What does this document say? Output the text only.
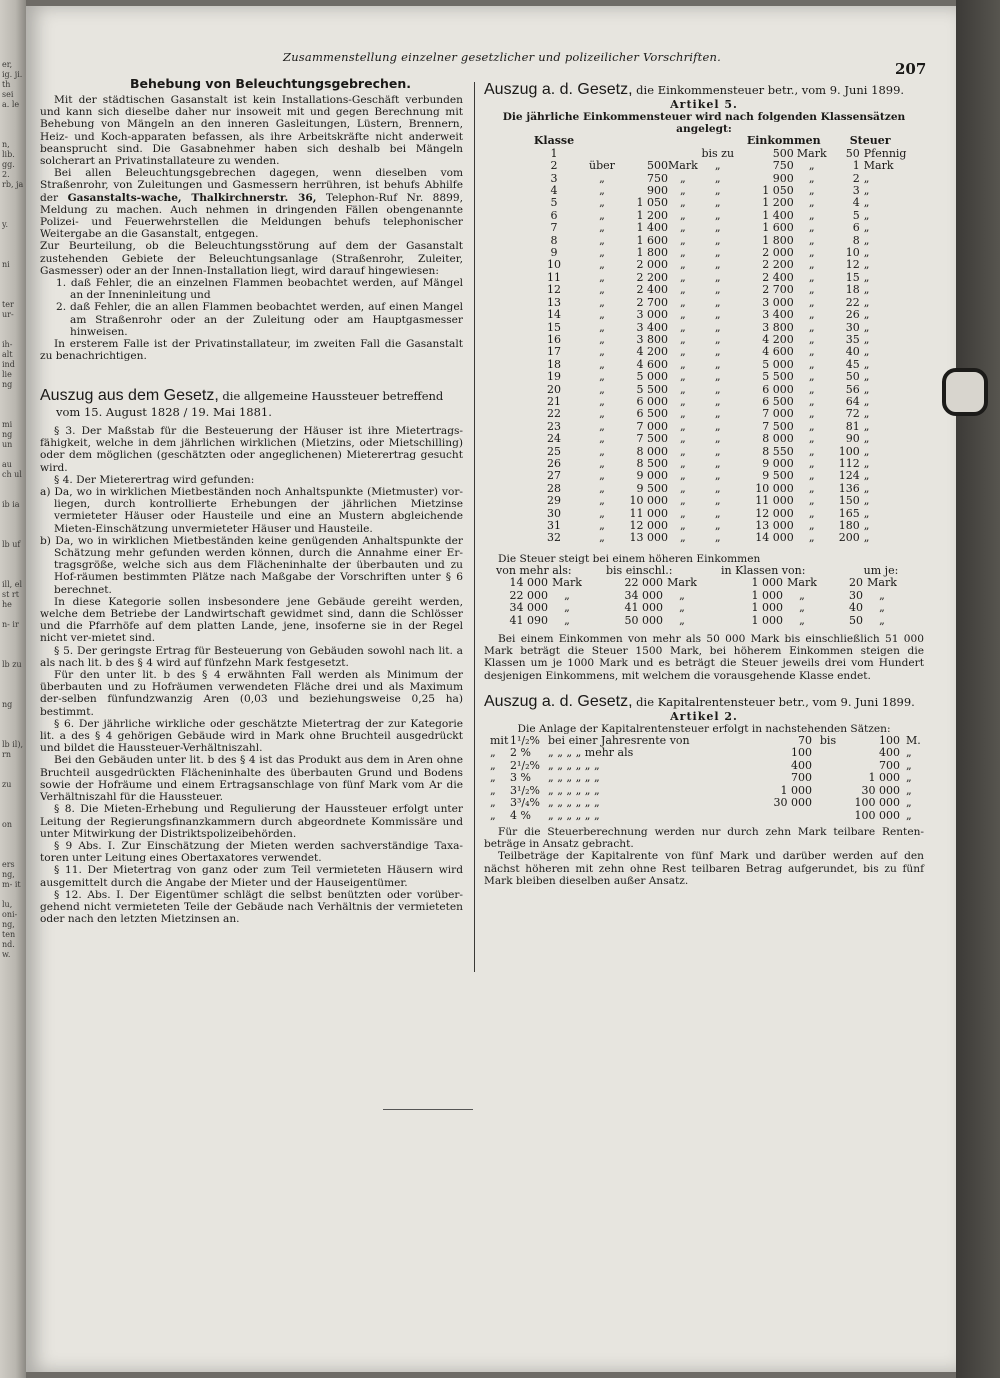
er, ig. ji. th sei
a. le
n, lib. gg. 2.
rb, ja
y.
ni
ter ur-
ih- alt ind lie
ng
mi ng un
au ch ul
ib ia
lb uf
ill, el st rt he
n- ir
lb zu
ng
lb il), rn
zu
on
ers ng, m- it
lu, oni- ng, ten
nd. w.
Zusammenstellung einzelner gesetzlicher und polizeilicher Vorschriften.
207
Behebung von Beleuchtungsgebrechen.

Mit der städtischen Gasanstalt ist kein Installations-Geschäft verbunden und kann sich dieselbe daher nur insoweit mit und gegen Berechnung mit Behebung von Mängeln an den inneren Gasleitungen, Lüstern, Brennern, Heiz- und Koch-apparaten befassen, als ihre Arbeitskräfte nicht anderweit beansprucht sind. Die Gasabnehmer haben sich deshalb bei Mängeln solcherart an Privatinstallateure zu wenden.

Bei allen Beleuchtungsgebrechen dagegen, wenn dieselben vom Straßenrohr, von Zuleitungen und Gasmessern herrühren, ist behufs Abhilfe der Gasanstalts-wache, Thalkirchnerstr. 36, Telephon-Ruf Nr. 8899, Meldung zu machen. Auch nehmen in dringenden Fällen obengenannte Polizei- und Feuerwehrstellen die Meldungen behufs telephonischer Weitergabe an die Gasanstalt, entgegen.

Zur Beurteilung, ob die Beleuchtungsstörung auf dem der Gasanstalt zustehenden Gebiete der Beleuchtungsanlage (Straßenrohr, Zuleiter, Gasmesser) oder an der Innen-Installation liegt, wird darauf hingewiesen:

1. daß Fehler, die an einzelnen Flammen beobachtet werden, auf Mängel an der Inneninleitung und

2. daß Fehler, die an allen Flammen beobachtet werden, auf einen Mangel am Straßenrohr oder an der Zuleitung oder am Hauptgasmesser hinweisen.

In ersterem Falle ist der Privatinstallateur, im zweiten Fall die Gasanstalt zu benachrichtigen.

Auszug aus dem Gesetz, die allgemeine Haussteuer betreffend

vom 15. August 1828 / 19. Mai 1881.

§ 3. Der Maßstab für die Besteuerung der Häuser ist ihre Mietertrags-fähigkeit, welche in dem jährlichen wirklichen (Mietzins, oder Mietschilling) oder dem möglichen (geschätzten oder angeglichenen) Mieterertrag gesucht wird.

§ 4. Der Mieterertrag wird gefunden:

a) Da, wo in wirklichen Mietbeständen noch Anhaltspunkte (Mietmuster) vor-liegen, durch kontrollierte Erhebungen der jährlichen Mietzinse vermieteter Häuser oder Hausteile und eine an Mustern abgleichende Mieten-Einschätzung unvermieteter Häuser und Hausteile.

b) Da, wo in wirklichen Mietbeständen keine genügenden Anhaltspunkte der Schätzung mehr gefunden werden können, durch die Annahme einer Er-tragsgröße, welche sich aus dem Flächeninhalte der überbauten und zu Hof-räumen bestimmten Plätze nach Maßgabe der Vorschriften unter § 6 berechnet.

In diese Kategorie sollen insbesondere jene Gebäude gereiht werden, welche dem Betriebe der Landwirtschaft gewidmet sind, dann die Schlösser und die Pfarrhöfe auf dem platten Lande, jene, insoferne sie in der Regel nicht ver-mietet sind.

§ 5. Der geringste Ertrag für Besteuerung von Gebäuden sowohl nach lit. a als nach lit. b des § 4 wird auf fünfzehn Mark festgesetzt.

Für den unter lit. b des § 4 erwähnten Fall werden als Minimum der überbauten und zu Hofräumen verwendeten Fläche drei und als Maximum der-selben fünfundzwanzig Aren (0,03 und beziehungsweise 0,25 ha) bestimmt.

§ 6. Der jährliche wirkliche oder geschätzte Mietertrag der zur Kategorie lit. a des § 4 gehörigen Gebäude wird in Mark ohne Bruchteil ausgedrückt und bildet die Haussteuer-Verhältniszahl.

Bei den Gebäuden unter lit. b des § 4 ist das Produkt aus dem in Aren ohne Bruchteil ausgedrückten Flächeninhalte des überbauten Grund und Bodens sowie der Hofräume und einem Ertragsanschlage von fünf Mark vom Ar die Verhältniszahl für die Haussteuer.

§ 8. Die Mieten-Erhebung und Regulierung der Haussteuer erfolgt unter Leitung der Regierungsfinanzkammern durch abgeordnete Kommissäre und unter Mitwirkung der Distriktspolizeibehörden.

§ 9 Abs. I. Zur Einschätzung der Mieten werden sachverständige Taxa-toren unter Leitung eines Obertaxatores verwendet.

§ 11. Der Mietertrag von ganz oder zum Teil vermieteten Häusern wird ausgemittelt durch die Angabe der Mieter und der Hauseigentümer.

§ 12. Abs. I. Der Eigentümer schlägt die selbst benützten oder vorüber-gehend nicht vermieteten Teile der Gebäude nach Verhältnis der vermieteten oder nach den letzten Mietzinsen an.

Auszug a. d. Gesetz, die Einkommensteuer betr., vom 9. Juni 1899.

Artikel 5.

Die jährliche Einkommensteuer wird nach folgenden Klassensätzen angelegt:

Klasse					Einkommen			Steuer	
1				bis zu	500	Mark		50	Pfennig
2	über	500	Mark	„	750	„		1	Mark
3	„	750	„	„	900	„		2	„
4	„	900	„	„	1 050	„		3	„
5	„	1 050	„	„	1 200	„		4	„
6	„	1 200	„	„	1 400	„		5	„
7	„	1 400	„	„	1 600	„		6	„
8	„	1 600	„	„	1 800	„		8	„
9	„	1 800	„	„	2 000	„		10	„
10	„	2 000	„	„	2 200	„		12	„
11	„	2 200	„	„	2 400	„		15	„
12	„	2 400	„	„	2 700	„		18	„
13	„	2 700	„	„	3 000	„		22	„
14	„	3 000	„	„	3 400	„		26	„
15	„	3 400	„	„	3 800	„		30	„
16	„	3 800	„	„	4 200	„		35	„
17	„	4 200	„	„	4 600	„		40	„
18	„	4 600	„	„	5 000	„		45	„
19	„	5 000	„	„	5 500	„		50	„
20	„	5 500	„	„	6 000	„		56	„
21	„	6 000	„	„	6 500	„		64	„
22	„	6 500	„	„	7 000	„		72	„
23	„	7 000	„	„	7 500	„		81	„
24	„	7 500	„	„	8 000	„		90	„
25	„	8 000	„	„	8 550	„		100	„
26	„	8 500	„	„	9 000	„		112	„
27	„	9 000	„	„	9 500	„		124	„
28	„	9 500	„	„	10 000	„		136	„
29	„	10 000	„	„	11 000	„		150	„
30	„	11 000	„	„	12 000	„		165	„
31	„	12 000	„	„	13 000	„		180	„
32	„	13 000	„	„	14 000	„		200	„

Die Steuer steigt bei einem höheren Einkommen

von mehr als:	bis einschl.:	in Klassen von:	um je:
14 000 Mark	22 000 Mark	1 000 Mark	20 Mark
22 000 „	34 000 „	1 000 „	30 „
34 000 „	41 000 „	1 000 „	40 „
41 090 „	50 000 „	1 000 „	50 „

Bei einem Einkommen von mehr als 50 000 Mark bis einschließlich 51 000 Mark beträgt die Steuer 1500 Mark, bei höherem Einkommen steigen die Klassen um je 1000 Mark und es beträgt die Steuer jeweils drei vom Hundert desjenigen Einkommens, mit welchem die vorausgehende Klasse endet.

Auszug a. d. Gesetz, die Kapitalrentensteuer betr., vom 9. Juni 1899.

Artikel 2.

Die Anlage der Kapitalrentensteuer erfolgt in nachstehenden Sätzen:

mit	1¹/₂%	bei einer Jahresrente von	70	bis	100	M.
„	2 %	„ „ „ „ mehr als	100		400	„
„	2¹/₂%	„ „ „ „ „ „	400		700	„
„	3 %	„ „ „ „ „ „	700		1 000	„
„	3¹/₂%	„ „ „ „ „ „	1 000		30 000	„
„	3³/₄%	„ „ „ „ „ „	30 000		100 000	„
„	4 %	„ „ „ „ „ „			100 000	„

Für die Steuerberechnung werden nur durch zehn Mark teilbare Renten-beträge in Ansatz gebracht.

Teilbeträge der Kapitalrente von fünf Mark und darüber werden auf den nächst höheren mit zehn ohne Rest teilbaren Betrag aufgerundet, bis zu fünf Mark bleiben dieselben außer Ansatz.
